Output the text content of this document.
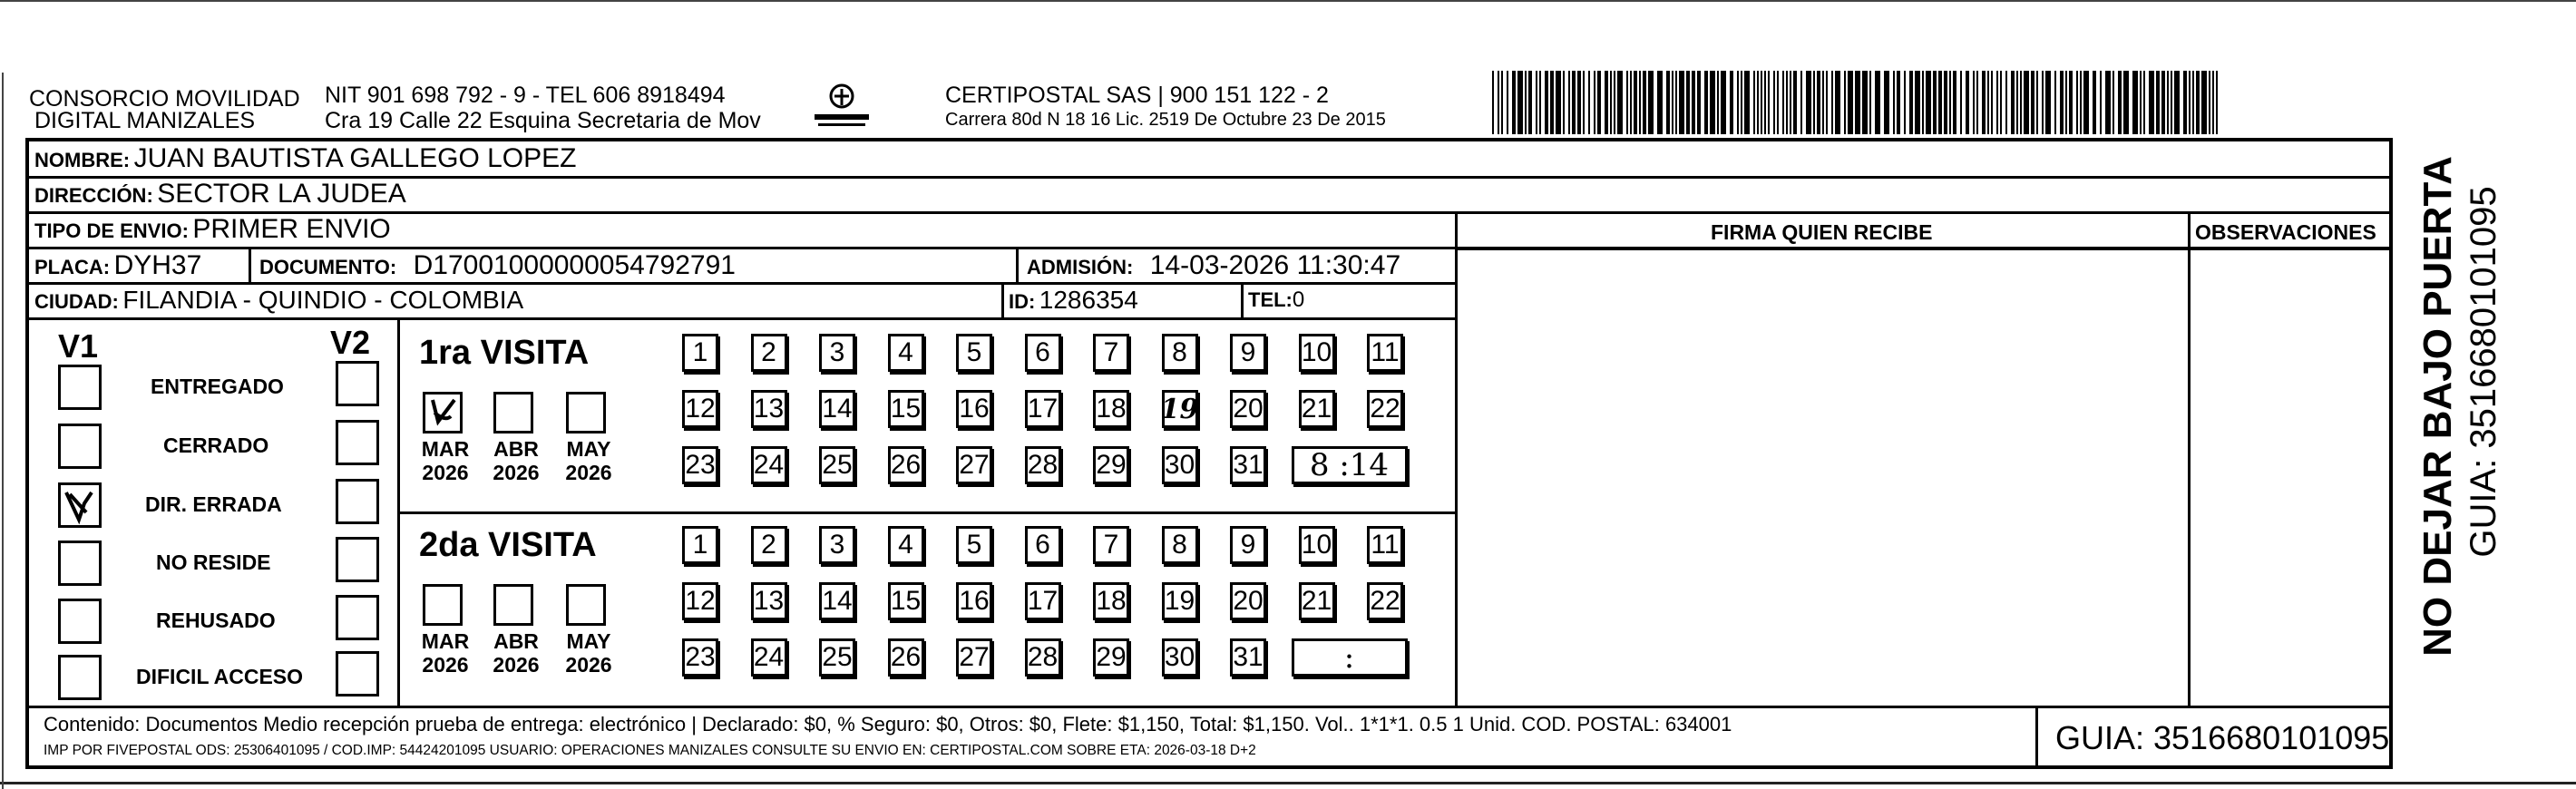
CONSORCIO MOVILIDAD
DIGITAL MANIZALES
NIT 901 698 792 - 9 - TEL 606 8918494
Cra 19 Calle 22 Esquina Secretaria de Mov
CERTIPOSTAL SAS | 900 151 122 - 2
Carrera 80d N 18 16 Lic. 2519 De Octubre 23 De 2015
NOMBRE: JUAN BAUTISTA GALLEGO LOPEZ
DIRECCIÓN: SECTOR LA JUDEA
TIPO DE ENVIO: PRIMER ENVIO	FIRMA QUIEN RECIBE	OBSERVACIONES
PLACA: DYH37	DOCUMENTO: D17001000000054792791	ADMISIÓN: 14-03-2026 11:30:47
CIUDAD: FILANDIA - QUINDIO - COLOMBIA	ID: 1286354	TEL:0
V1	V2
ENTREGADO
CERRADO
DIR. ERRADA
NO RESIDE
REHUSADO
DIFICIL ACCESO
1ra VISITA
MAR
2026
ABR
2026
MAY
2026
1 2 3 4 5 6 7 8 9 10 11
12 13 14 15 16 17 18 19 20 21 22
23 24 25 26 27 28 29 30 31 8 :14
2da VISITA
MAR
2026
ABR
2026
MAY
2026
1 2 3 4 5 6 7 8 9 10 11
12 13 14 15 16 17 18 19 20 21 22
23 24 25 26 27 28 29 30 31	:
Contenido: Documentos Medio recepción prueba de entrega: electrónico | Declarado: $0, % Seguro: $0, Otros: $0, Flete: $1,150, Total: $1,150. Vol.. 1*1*1. 0.5 1 Unid. COD. POSTAL: 634001
IMP POR FIVEPOSTAL ODS: 25306401095 / COD.IMP: 54424201095 USUARIO: OPERACIONES MANIZALES CONSULTE SU ENVIO EN: CERTIPOSTAL.COM SOBRE ETA: 2026-03-18 D+2	GUIA: 3516680101095
NO DEJAR BAJO PUERTA GUIA: 3516680101095
